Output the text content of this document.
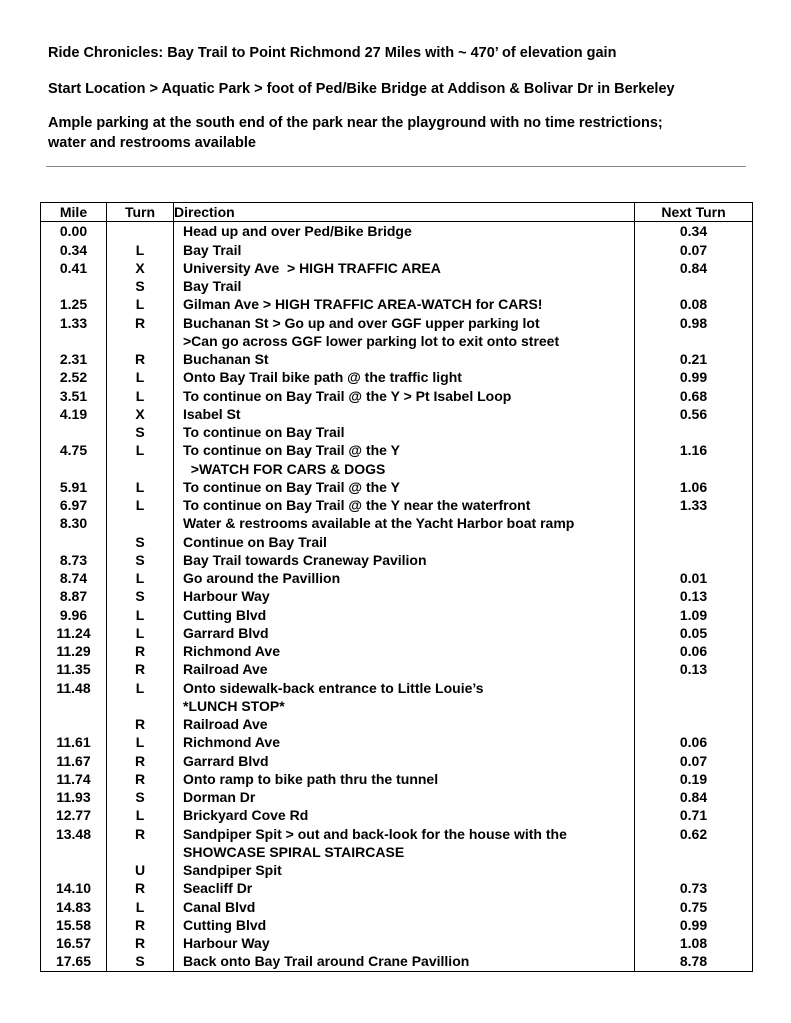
Ride Chronicles: Bay Trail to Point Richmond 27 Miles with ~ 470’ of elevation gain

Start Location > Aquatic Park > foot of Ped/Bike Bridge at Addison & Bolivar Dr in Berkeley

Ample parking at the south end of the park near the playground with no time restrictions;

water and restrooms available

Mile	Turn	Direction	Next Turn
0.00		Head up and over Ped/Bike Bridge	0.34
0.34	L	Bay Trail	0.07
0.41	X	University Ave  > HIGH TRAFFIC AREA	0.84
	S	Bay Trail	

1.25	L	Gilman Ave > HIGH TRAFFIC AREA-WATCH for CARS!	0.08
1.33	R	Buchanan St > Go up and over GGF upper parking lot
>Can go across GGF lower parking lot to exit onto street	0.98
2.31	R	Buchanan St	0.21
2.52	L	Onto Bay Trail bike path @ the traffic light	0.99
3.51	L	To continue on Bay Trail @ the Y > Pt Isabel Loop	0.68
4.19	X	Isabel St	0.56
	S	To continue on Bay Trail	

4.75	L	To continue on Bay Trail @ the Y
>WATCH FOR CARS & DOGS	1.16
5.91	L	To continue on Bay Trail @ the Y	1.06
6.97	L	To continue on Bay Trail @ the Y near the waterfront	1.33
8.30		Water & restrooms available at the Yacht Harbor boat ramp	

	S	Continue on Bay Trail	

8.73	S	Bay Trail towards Craneway Pavilion	

8.74	L	Go around the Pavillion	0.01
8.87	S	Harbour Way	0.13
9.96	L	Cutting Blvd	1.09
11.24	L	Garrard Blvd	0.05
11.29	R	Richmond Ave	0.06
11.35	R	Railroad Ave	0.13
11.48	L	Onto sidewalk-back entrance to Little Louie’s
*LUNCH STOP*	

	R	Railroad Ave	

11.61	L	Richmond Ave	0.06
11.67	R	Garrard Blvd	0.07
11.74	R	Onto ramp to bike path thru the tunnel	0.19
11.93	S	Dorman Dr	0.84
12.77	L	Brickyard Cove Rd	0.71
13.48	R	Sandpiper Spit > out and back-look for the house with the
SHOWCASE SPIRAL STAIRCASE	0.62
	U	Sandpiper Spit	

14.10	R	Seacliff Dr	0.73
14.83	L	Canal Blvd	0.75
15.58	R	Cutting Blvd	0.99
16.57	R	Harbour Way	1.08
17.65	S	Back onto Bay Trail around Crane Pavillion	8.78
